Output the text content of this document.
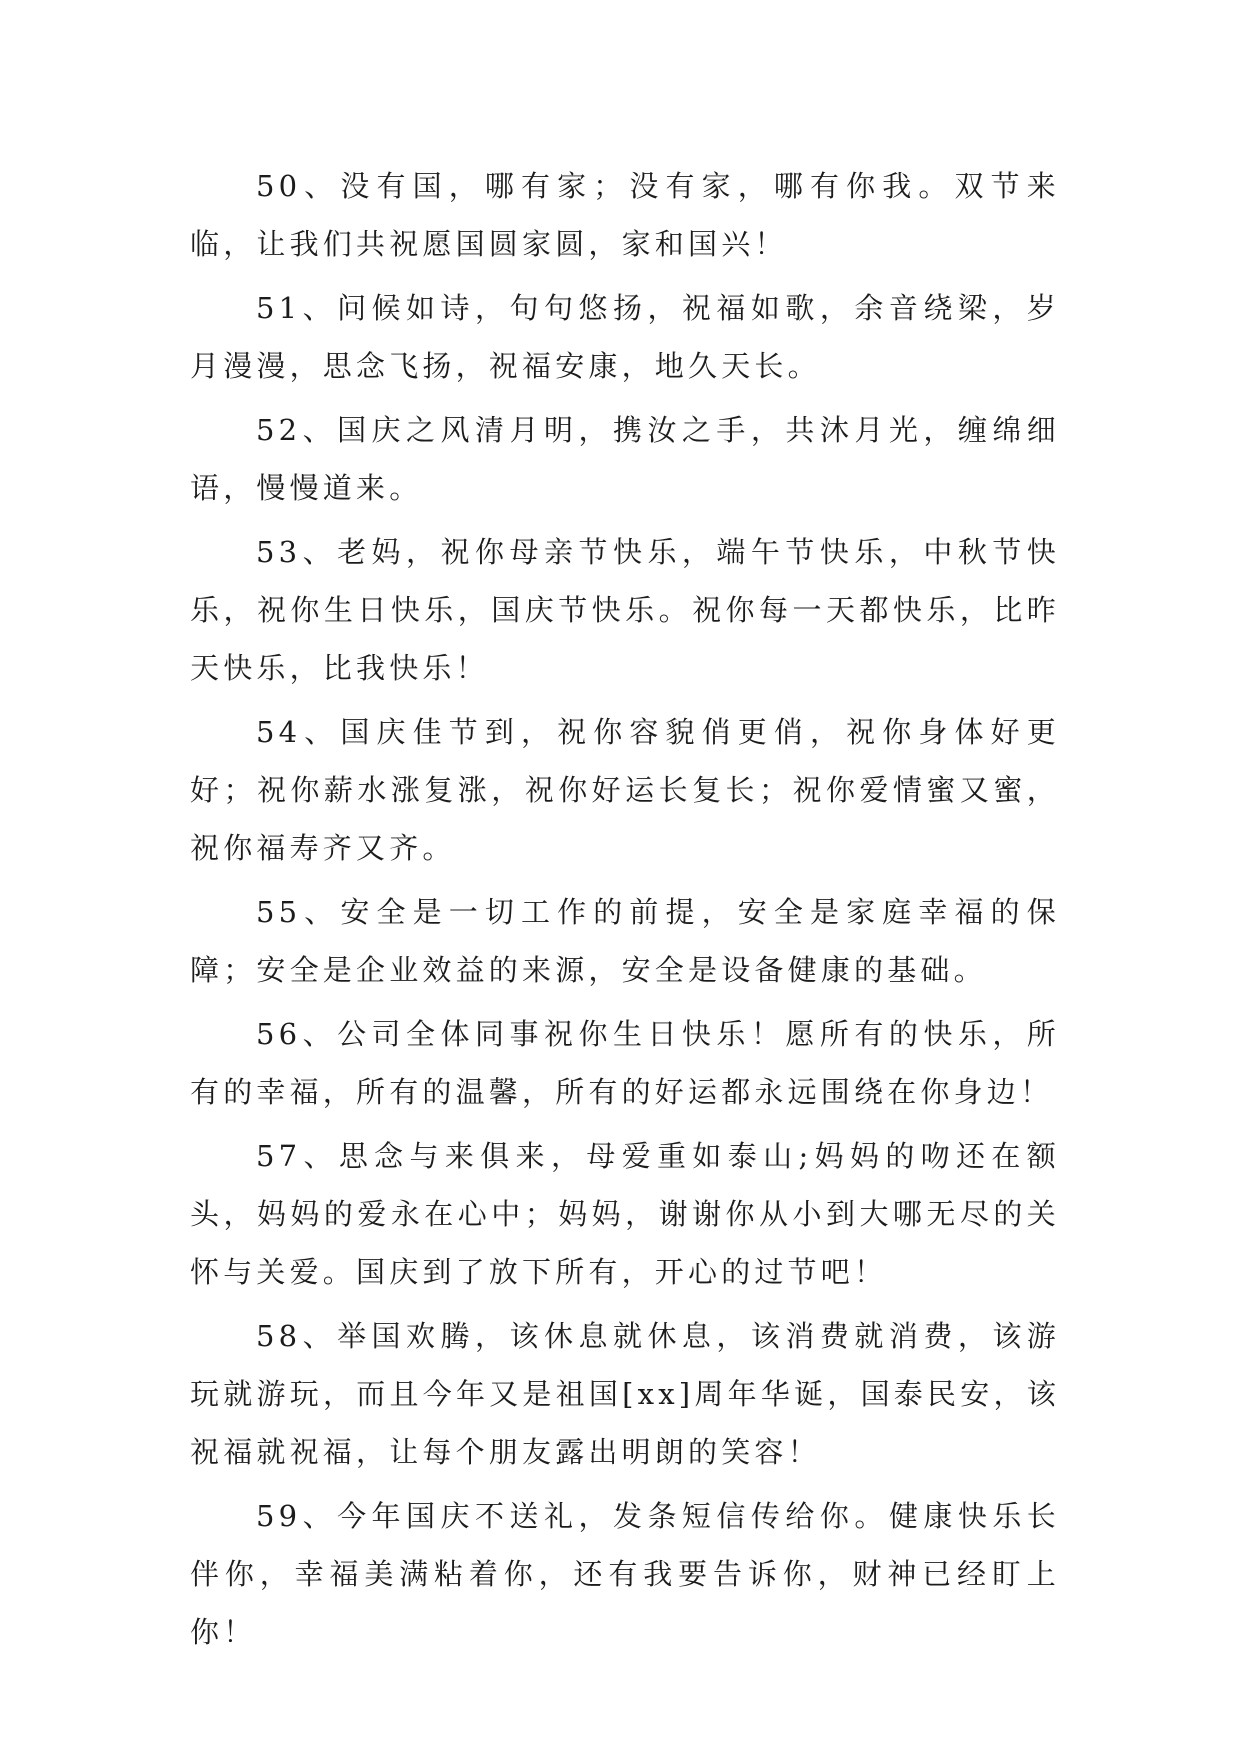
50、没有国，哪有家；没有家，哪有你我。双节来临，让我们共祝愿国圆家圆，家和国兴！

51、问候如诗，句句悠扬，祝福如歌，余音绕梁，岁月漫漫，思念飞扬，祝福安康，地久天长。

52、国庆之风清月明，携汝之手，共沐月光，缠绵细语，慢慢道来。

53、老妈，祝你母亲节快乐，端午节快乐，中秋节快乐，祝你生日快乐，国庆节快乐。祝你每一天都快乐，比昨天快乐，比我快乐！

54、国庆佳节到，祝你容貌俏更俏，祝你身体好更好；祝你薪水涨复涨，祝你好运长复长；祝你爱情蜜又蜜，祝你福寿齐又齐。

55、安全是一切工作的前提，安全是家庭幸福的保障；安全是企业效益的来源，安全是设备健康的基础。

56、公司全体同事祝你生日快乐！愿所有的快乐，所有的幸福，所有的温馨，所有的好运都永远围绕在你身边！

57、思念与来俱来，母爱重如泰山;妈妈的吻还在额头，妈妈的爱永在心中；妈妈，谢谢你从小到大哪无尽的关怀与关爱。国庆到了放下所有，开心的过节吧！

58、举国欢腾，该休息就休息，该消费就消费，该游玩就游玩，而且今年又是祖国[xx]周年华诞，国泰民安，该祝福就祝福，让每个朋友露出明朗的笑容！

59、今年国庆不送礼，发条短信传给你。健康快乐长伴你，幸福美满粘着你，还有我要告诉你，财神已经盯上你！
